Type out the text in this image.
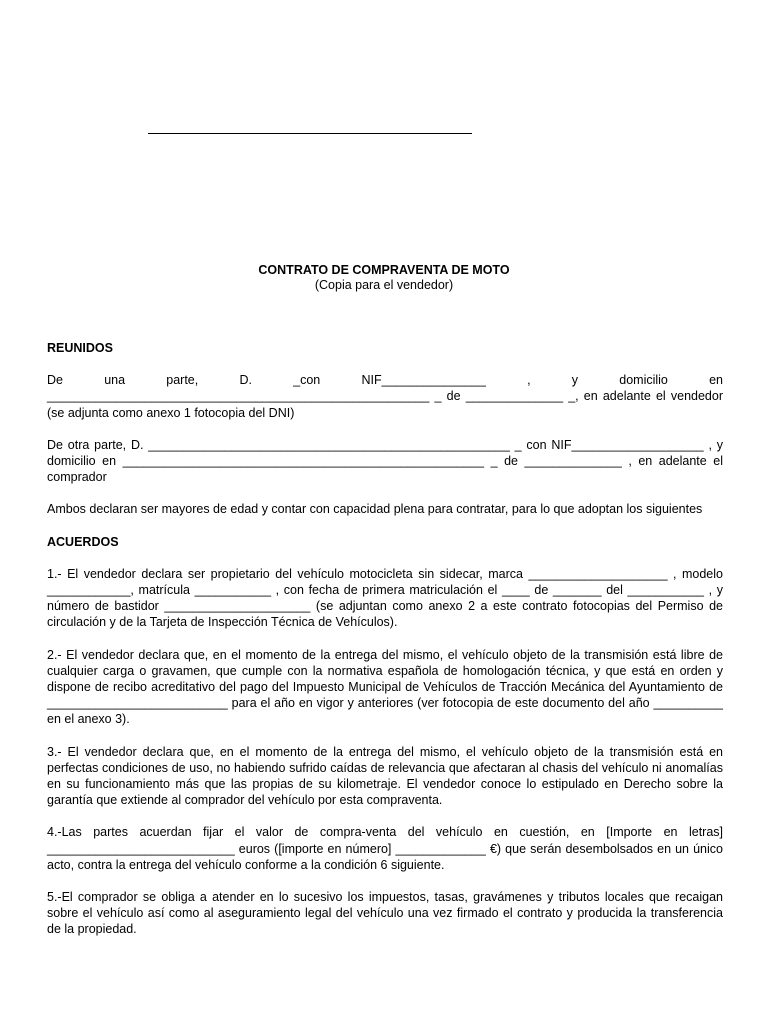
CONTRATO DE COMPRAVENTA DE MOTO
(Copia para el vendedor)
REUNIDOS

De una parte, D. _con NIF_______________ , y domicilio en _______________________________________________________ _ de ______________ _, en adelante el vendedor (se adjunta como anexo 1 fotocopia del DNI)

De otra parte, D. ____________________________________________________ _ con NIF___________________ , y domicilio en ____________________________________________________ _ de ______________ , en adelante el comprador

Ambos declaran ser mayores de edad y contar con capacidad plena para contratar, para lo que adoptan los siguientes

ACUERDOS

1.- El vendedor declara ser propietario del vehículo motocicleta sin sidecar, marca ____________________ , modelo ____________, matrícula ___________ , con fecha de primera matriculación el ____ de _______ del ___________ , y número de bastidor _____________________ (se adjuntan como anexo 2 a este contrato fotocopias del Permiso de circulación y de la Tarjeta de Inspección Técnica de Vehículos).

2.- El vendedor declara que, en el momento de la entrega del mismo, el vehículo objeto de la transmisión está libre de cualquier carga o gravamen, que cumple con la normativa española de homologación técnica, y que está en orden y dispone de recibo acreditativo del pago del Impuesto Municipal de Vehículos de Tracción Mecánica del Ayuntamiento de __________________________ para el año en vigor y anteriores (ver fotocopia de este documento del año __________ en el anexo 3).

3.- El vendedor declara que, en el momento de la entrega del mismo, el vehículo objeto de la transmisión está en perfectas condiciones de uso, no habiendo sufrido caídas de relevancia que afectaran al chasis del vehículo ni anomalías en su funcionamiento más que las propias de su kilometraje. El vendedor conoce lo estipulado en Derecho sobre la garantía que extiende al comprador del vehículo por esta compraventa.

4.-Las partes acuerdan fijar el valor de compra-venta del vehículo en cuestión, en [Importe en letras] ___________________________ euros ([importe en número] _____________ €) que serán desembolsados en un único acto, contra la entrega del vehículo conforme a la condición 6 siguiente.

5.-El comprador se obliga a atender en lo sucesivo los impuestos, tasas, gravámenes y tributos locales que recaigan sobre el vehículo así como al aseguramiento legal del vehículo una vez firmado el contrato y producida la transferencia de la propiedad.
